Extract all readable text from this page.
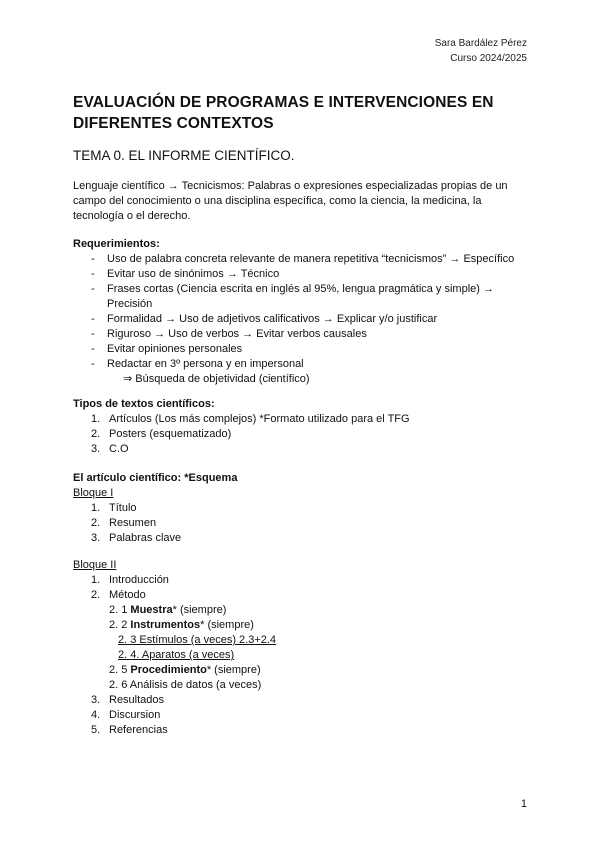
Sara Bardález Pérez
Curso 2024/2025
EVALUACIÓN DE PROGRAMAS E INTERVENCIONES EN DIFERENTES CONTEXTOS
TEMA 0. EL INFORME CIENTÍFICO.
Lenguaje científico → Tecnicismos: Palabras o expresiones especializadas propias de un campo del conocimiento o una disciplina específica, como la ciencia, la medicina, la tecnología o el derecho.
Requerimientos:
- Uso de palabra concreta relevante de manera repetitiva “tecnicismos” → Específico
- Evitar uso de sinónimos → Técnico
- Frases cortas (Ciencia escrita en inglés al 95%, lengua pragmática y simple) →
Precisión
- Formalidad → Uso de adjetivos calificativos → Explicar y/o justificar
- Riguroso → Uso de verbos → Evitar verbos causales
- Evitar opiniones personales
- Redactar en 3º persona y en impersonal
⇒ Búsqueda de objetividad (científico)
Tipos de textos científicos:
1. Artículos (Los más complejos) *Formato utilizado para el TFG
2. Posters (esquematizado)
3. C.O
El artículo científico: *Esquema
Bloque I
1. Título
2. Resumen
3. Palabras clave
Bloque II
1. Introducción
2. Método
2. 1 Muestra* (siempre)
2. 2 Instrumentos* (siempre)
2. 3 Estímulos (a veces) 2.3+2.4
2. 4. Aparatos (a veces)
2. 5 Procedimiento* (siempre)
2. 6 Análisis de datos (a veces)
3. Resultados
4. Discursion
5. Referencias
1
